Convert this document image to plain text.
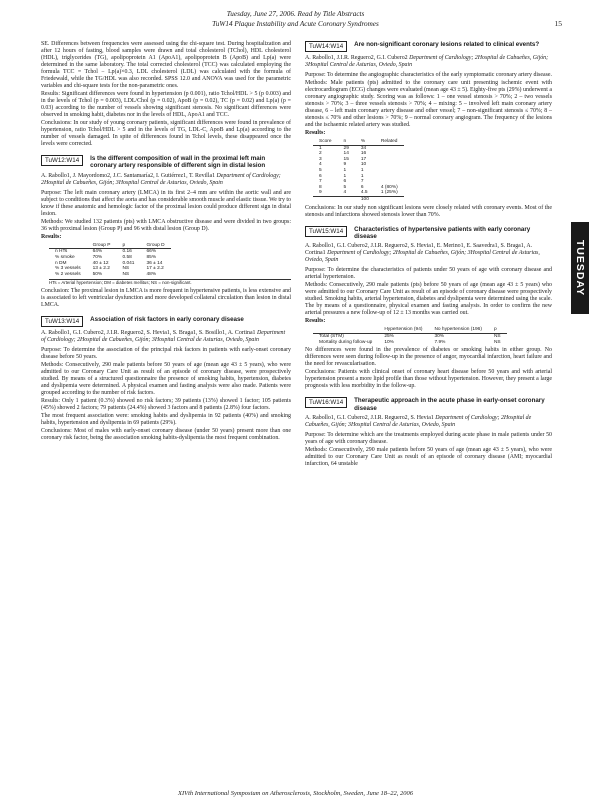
Tuesday, June 27, 2006. Read by Title Abstracts
TuW14 Plaque Instability and Acute Coronary Syndromes	15
TUESDAY

SE. Differences between frequencies were assessed using the chi-square test. During hospitalization and after 12 hours of fasting, blood samples were drawn and total cholesterol (TChol), HDL cholesterol (HDL), triglycerides (TG), apolipoprotein A1 (ApoA1), apolipoprotein B (ApoB) and Lp(a) were determined in the same laboratory. The total corrected cholesterol (TCC) was calculated employing the formula TCC = Tchol − Lp(a)×0.3, LDL cholesterol (LDL) was calculated with the formula of Friedewald, while the TG/HDL was also recorded. SPSS 12.0 and ANOVA was used for the parametric variables and chi-square tests for the non-parametric ones.

Results: Significant differences were found in hypertension (p 0.001), ratio Tchol/HDL > 5 (p 0.003) and in the levels of Tchol (p = 0.003), LDL/Chol (p = 0.02), ApoB (p = 0.02), TC (p = 0.02) and Lp(a) (p = 0.03) according to the number of vessels showing significant stenosis. No significant differences were observed in smoking habit, diabetes nor in the levels of HDL, ApoA1 and TCC.

Conclusions: In our study of young coronary patients, significant differences were found in prevalence of hypertension, ratio Tchol/HDL > 5 and in the levels of TG, LDL-C, ApoB and Lp(a) according to the number of vessels damaged. In spite of differences found in Tchol levels, these disappeared once the levels were corrected.

TuW12:W14	Is the different composition of wall in the proximal left main coronary artery responsible of different sign in distal lesion
A. Rabollo1, J. Mayordomo2, J.C. Santamaría2, I. Gutiérrez1, T. Revilla1 Department of Cardiology; 2Hospital de Cabueñes, Gijón; 3Hospital Central de Asturias, Oviedo, Spain

Purpose: The left main coronary artery (LMCA) in its first 2–4 mm are within the aortic wall and are subject to conditions that affect the aorta and has considerable smooth muscle and elastic tissue. We try to know if these anatomic and hemologic factor of the proximal lesion could produce different sign in distal lesion.

Methods: We studied 132 patients (pts) with LMCA obstructive disease and were divided in two groups: 36 with proximal lesion (Group P) and 96 with distal lesion (Group D).

Results:

	Group P	p	Group D
n HTs	64%	0.16	66%
% smoke	70%	0.58	85%
n DM	40 ± 12	0.041	36 ± 14
% 3 vessels	13 ± 2.2	NS	17 ± 2.2
% 2 vessels	50%	NS	48%
HTs = Arterial hypertension; DM = diabetes mellitus; NS = non-significant.

Conclusion: The proximal lesion in LMCA is more frequent in hypertensive patients, is less extensive and is associated to left ventricular dysfunction and more developed collateral circulation than lesion in distal LMCA.

TuW13:W14	Association of risk factors in early coronary disease
A. Rabollo1, G.I. Cubero2, J.I.R. Reguero2, S. Hevia1, S. Braga1, S. Bosillo1, A. Cortina1 Department of Cardiology; 2Hospital de Cabueñes, Gijón; 3Hospital Central de Asturias, Oviedo, Spain

Purpose: To determine the association of the principal risk factors in patients with early-onset coronary disease before 50 years.

Methods: Consecutively, 290 male patients before 50 years of age (mean age 43 ± 5 years), who were admitted to our Coronary Care Unit as result of an episode of coronary disease, were prospectively studied. By means of a structured questionnaire the presence of smoking habits, hypertension, diabetes and dyslipemia were determined. A physical examen and fasting analysis were also made. Patients were grouped according to the number of risk factors.

Results: Only 1 patient (0.3%) showed no risk factors; 39 patients (13%) showed 1 factor; 105 patients (45%) showed 2 factors; 79 patients (24.4%) showed 3 factors and 8 patients (2.8%) four factors.

The most frequent association were: smoking habits and dyslipemia in 92 patients (40%) and smoking habits, hypertension and dyslipemia in 69 patients (29%).

Conclusions: Most of males with early-onset coronary disease (under 50 years) present more than one coronary risk factor, being the association smoking habits-dyslipemia the most frequent combination.

TuW14:W14	Are non-significant coronary lesions related to clinical events?
A. Rabollo1, J.I.R. Reguero2, G.I. Cubero2 Department of Cardiology; 2Hospital de Cabueñes, Gijón; 3Hospital Central de Asturias, Oviedo, Spain

Purpose: To determine the angiographic characteristics of the early symptomatic coronary artery disease.

Methods: Male patients (pts) admitted to the coronary care unit presenting ischemic event with electrocardiogram (ECG) changes were evaluated (mean age 43 ± 5). Eighty-five pts (29%) underwent a coronary angiographic study. Scoring was as follows: 1 – one vessel stenosis > 70%; 2 – two vessels stenosis > 70%; 3 – three vessels stenosis > 70%; 4 – mixing: 5 – involved left main coronary artery disease, 6 – left main coronary artery disease and other vessel; 7 – non-significant stenosis ≤ 70%; 8 – stenosis ≤ 70% and other lesions > 70%; 9 – normal coronary angiogram. The frequency of the lesions and the ischaemic related artery was studied.

Results:

Score	n	%	Related
1	29	34	
2	14	16	
3	15	17	
4	9	10	
5	1	1	
6	1	1	
7	6	7	
8	5	6	4 (80%)
9	4	4.5	1 (25%)
		100	

Conclusions: In our study non significant lesions were closely related with coronary events. Most of the stenosis and infarctions showed stenosis lower than 70%.

TuW15:W14	Characteristics of hypertensive patients with early coronary disease
A. Rabollo1, G.I. Cubero2, J.I.R. Reguero2, S. Hevia1, E. Merino1, E. Saavedra1, S. Braga1, A. Cortina1 Department of Cardiology; 2Hospital de Cabueñes, Gijón; 3Hospital Central de Asturias, Oviedo, Spain

Purpose: To determine the characteristics of patients under 50 years of age with coronary disease and arterial hypertension.

Methods: Consecutively, 290 male patients (pts) before 50 years of age (mean age 43 ± 5 years) who were admitted to our Coronary Care Unit as result of an episode of coronary disease were prospectively studied. Smoking habits, arterial hypertension, diabetes and dyslipemia were determined using the scale. The by means of a questionnaire, physical examen and fasting analysis. In order to confirm the new arterial pressures a new follow-up of 12 ± 13 months was carried out.

Results:

	Hypertension (94)	No hypertension (196)	p
Total (STM)	25%	30%	NS
Mortality during follow-up	10%	7.9%	NS

No differences were found in the prevalence of diabetes or smoking habits in either group. No differences were seen during follow-up in the presence of angor, myocardial infarction, heart failure and the need for revascularisation.

Conclusions: Patients with clinical onset of coronary heart disease before 50 years and with arterial hypertension present a more lipid profile than those without hypertension. However, they present a large prognosis with less morbidity in the follow-up.

TuW16:W14	Therapeutic approach in the acute phase in early-onset coronary disease
A. Rabollo1, G.I. Cubero2, J.I.R. Reguero2, S. Hevia1 Department of Cardiology; 2Hospital de Cabueñes, Gijón; 3Hospital Central de Asturias, Oviedo, Spain

Purpose: To determine which are the treatments employed during acute phase in male patients under 50 years of age with coronary disease.

Methods: Consecutively, 290 male patients before 50 years of age (mean age 43 ± 5 years), who were admitted to our Coronary Care Unit as result of an episode of coronary disease (AMI; myocardial infarction, 64 unstable

XIVth International Symposium on Atherosclerosis, Stockholm, Sweden, June 18–22, 2006
